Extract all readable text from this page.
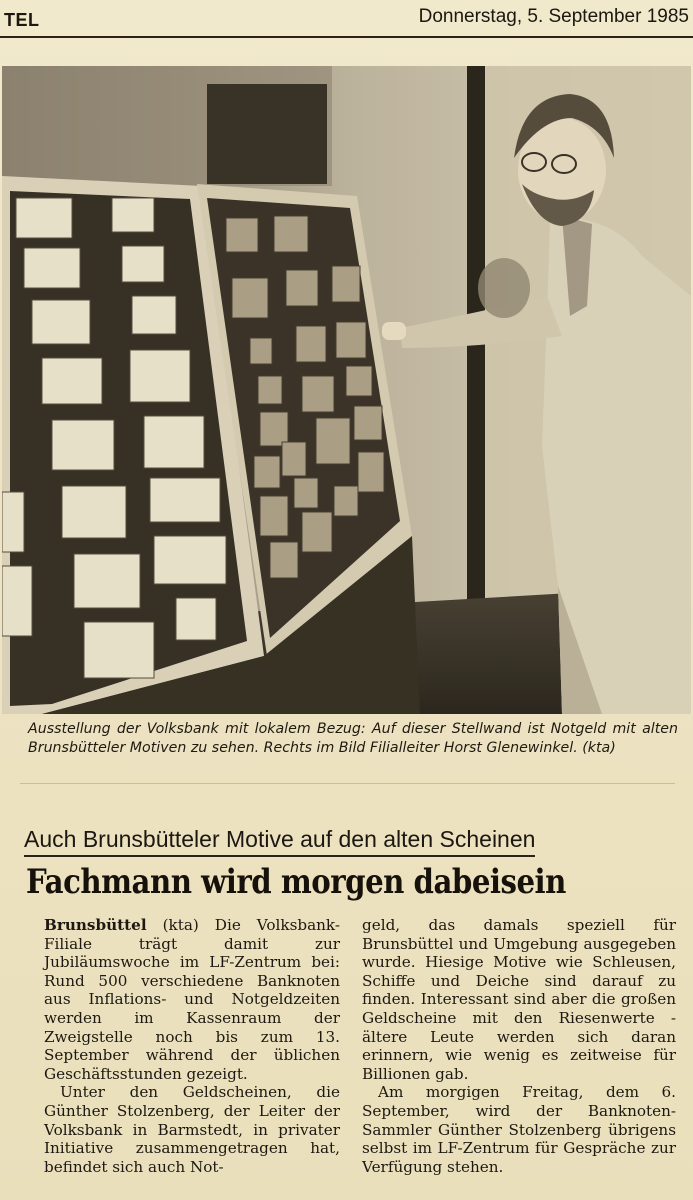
TEL	Donnerstag, 5. September 1985
Ausstellung der Volksbank mit lokalem Bezug: Auf dieser Stellwand ist Notgeld mit alten Brunsbütteler Motiven zu sehen. Rechts im Bild Filialleiter Horst Glenewinkel. (kta)
Auch Brunsbütteler Motive auf den alten Scheinen
Fachmann wird morgen dabeisein

Brunsbüttel (kta) Die Volksbank-Filiale trägt damit zur Jubiläumswoche im LF-Zentrum bei: Rund 500 verschiedene Banknoten aus Inflations- und Notgeldzeiten werden im Kassenraum der Zweigstelle noch bis zum 13. September während der üblichen Geschäftsstunden gezeigt.

Unter den Geldscheinen, die Günther Stolzenberg, der Leiter der Volksbank in Barmstedt, in privater Initiative zusammengetragen hat, befindet sich auch Not-

geld, das damals speziell für Brunsbüttel und Umgebung ausgegeben wurde. Hiesige Motive wie Schleusen, Schiffe und Deiche sind darauf zu finden. Interessant sind aber die großen Geldscheine mit den Riesenwerte - ältere Leute werden sich daran erinnern, wie wenig es zeitweise für Billionen gab.

Am morgigen Freitag, dem 6. September, wird der Banknoten-Sammler Günther Stolzenberg übrigens selbst im LF-Zentrum für Gespräche zur Verfügung stehen.
